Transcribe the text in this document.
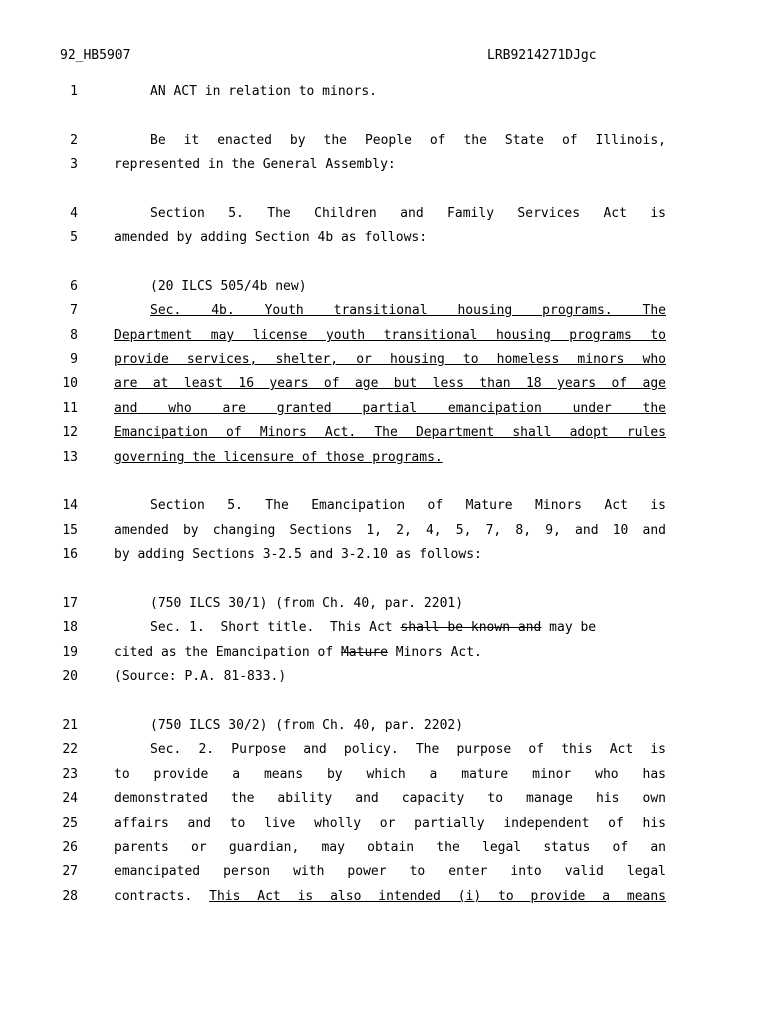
92_HB5907	LRB9214271DJgc
1	AN ACT in relation to minors.
2	Be it enacted by the People of the State of Illinois,
3	represented in the General Assembly:
4	Section 5. The Children and Family Services Act is
5	amended by adding Section 4b as follows:
6	(20 ILCS 505/4b new)
7	Sec. 4b. Youth transitional housing programs. The
8	Department may license youth transitional housing programs to
9	provide services, shelter, or housing to homeless minors who
10	are at least 16 years of age but less than 18 years of age
11	and who are granted partial emancipation under the
12	Emancipation of Minors Act. The Department shall adopt rules
13	governing the licensure of those programs.
14	Section 5. The Emancipation of Mature Minors Act is
15	amended by changing Sections 1, 2, 4, 5, 7, 8, 9, and 10 and
16	by adding Sections 3-2.5 and 3-2.10 as follows:
17	(750 ILCS 30/1) (from Ch. 40, par. 2201)
18	Sec. 1.  Short title.  This Act shall be known and may be
19	cited as the Emancipation of Mature Minors Act.
20	(Source: P.A. 81-833.)
21	(750 ILCS 30/2) (from Ch. 40, par. 2202)
22	Sec. 2. Purpose and policy. The purpose of this Act is
23	to provide a means by which a mature minor who has
24	demonstrated the ability and capacity to manage his own
25	affairs and to live wholly or partially independent of his
26	parents or guardian, may obtain the legal status of an
27	emancipated person with power to enter into valid legal
28	contracts. This Act is also intended (i) to provide a means
